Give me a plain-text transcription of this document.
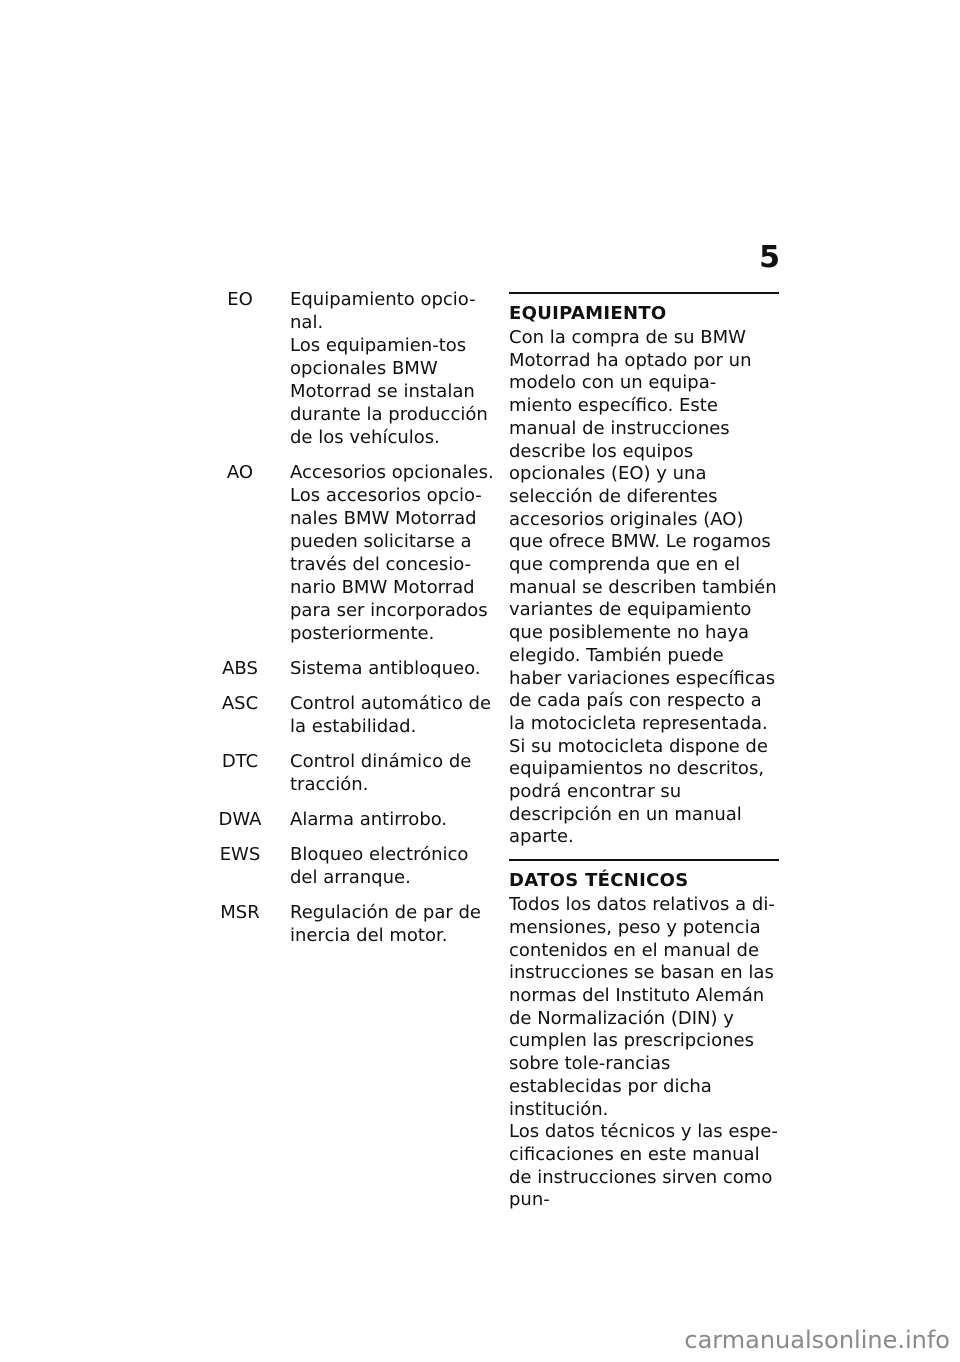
5
EO	Equipamiento opcio-nal.

Los equipamien-tos opcionales BMW Motorrad se instalan durante la producción de los vehículos.

AO	Accesorios opcionales.

Los accesorios opcio-nales BMW Motorrad pueden solicitarse a través del concesio-nario BMW Motorrad para ser incorporados posteriormente.

ABS	Sistema antibloqueo.

ASC	Control automático de la estabilidad.

DTC	Control dinámico de tracción.

DWA	Alarma antirrobo.

EWS	Bloqueo electrónico del arranque.

MSR	Regulación de par de inercia del motor.

EQUIPAMIENTO

Con la compra de su BMW Motorrad ha optado por un modelo con un equipa-miento específico. Este manual de instrucciones describe los equipos opcionales (EO) y una selección de diferentes accesorios originales (AO) que ofrece BMW. Le rogamos que comprenda que en el manual se describen también variantes de equipamiento que posiblemente no haya elegido. También puede haber variaciones específicas de cada país con respecto a la motocicleta representada.

Si su motocicleta dispone de equipamientos no descritos, podrá encontrar su descripción en un manual aparte.

DATOS TÉCNICOS

Todos los datos relativos a di-mensiones, peso y potencia contenidos en el manual de instrucciones se basan en las normas del Instituto Alemán de Normalización (DIN) y cumplen las prescripciones sobre tole-rancias establecidas por dicha institución.

Los datos técnicos y las espe-cificaciones en este manual de instrucciones sirven como pun-

carmanualsonline.info
